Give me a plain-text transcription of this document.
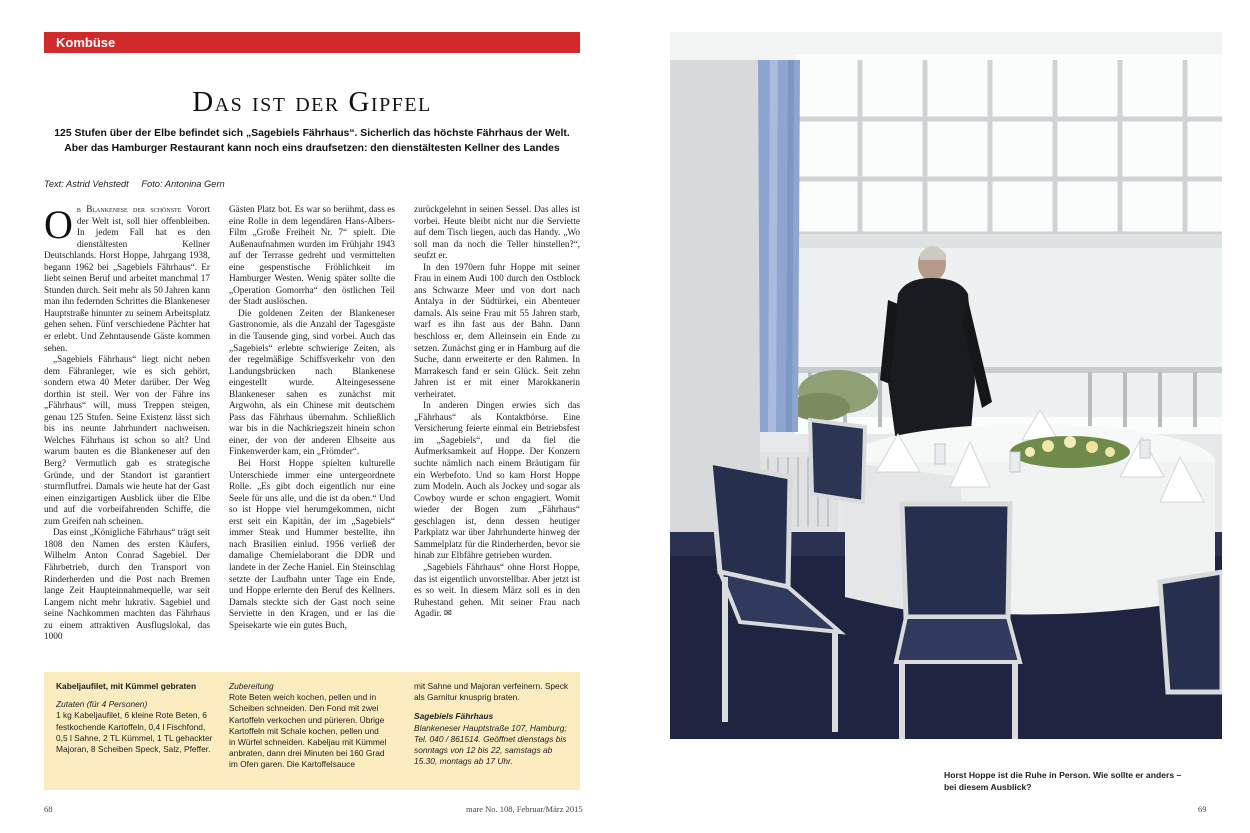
Kombüse
Das ist der Gipfel
125 Stufen über der Elbe befindet sich „Sagebiels Fährhaus“. Sicherlich das höchste Fährhaus der Welt.
Aber das Hamburger Restaurant kann noch eins draufsetzen: den dienstältesten Kellner des Landes
Text: Astrid Vehstedt Foto: Antonina Gern

Ob Blankenese der schönste Vorort der Welt ist, soll hier offenbleiben. In jedem Fall hat es den dienstältesten Kellner Deutschlands. Horst Hoppe, Jahrgang 1938, begann 1962 bei „Sagebiels Fährhaus“. Er liebt seinen Beruf und arbeitet manchmal 17 Stunden durch. Seit mehr als 50 Jahren kann man ihn federnden Schrittes die Blankeneser Hauptstraße hinunter zu seinem Arbeitsplatz gehen sehen. Fünf verschiedene Pächter hat er erlebt. Und Zehntausende Gäste kommen sehen.

„Sagebiels Fährhaus“ liegt nicht neben dem Fähranleger, wie es sich gehört, sondern etwa 40 Meter darüber. Der Weg dorthin ist steil. Wer von der Fähre ins „Fährhaus“ will, muss Treppen steigen, genau 125 Stufen. Seine Existenz lässt sich bis ins neunte Jahrhundert nachweisen. Welches Fährhaus ist schon so alt? Und warum bauten es die Blankeneser auf den Berg? Vermutlich gab es strategische Gründe, und der Standort ist garantiert sturmflutfrei. Damals wie heute hat der Gast einen einzigartigen Ausblick über die Elbe und auf die vorbeifahrenden Schiffe, die zum Greifen nah scheinen.

Das einst „Königliche Fährhaus“ trägt seit 1808 den Namen des ersten Käufers, Wilhelm Anton Conrad Sagebiel. Der Fährbetrieb, durch den Transport von Rinderherden und die Post nach Bremen lange Zeit Haupteinnahmequelle, war seit Langem nicht mehr lukrativ. Sagebiel und seine Nachkommen machten das Fährhaus zu einem attraktiven Ausflugslokal, das 1000

Gästen Platz bot. Es war so berühmt, dass es eine Rolle in dem legendären Hans-Albers-Film „Große Freiheit Nr. 7“ spielt. Die Außenaufnahmen wurden im Frühjahr 1943 auf der Terrasse gedreht und vermittelten eine gespenstische Fröhlichkeit im Hamburger Westen. Wenig später sollte die „Operation Gomorrha“ den östlichen Teil der Stadt auslöschen.

Die goldenen Zeiten der Blankeneser Gastronomie, als die Anzahl der Tagesgäste in die Tausende ging, sind vorbei. Auch das „Sagebiels“ erlebte schwierige Zeiten, als der regelmäßige Schiffsverkehr von den Landungsbrücken nach Blankenese eingestellt wurde. Alteingesessene Blankeneser sahen es zunächst mit Argwohn, als ein Chinese mit deutschem Pass das Fährhaus übernahm. Schließlich war bis in die Nachkriegszeit hinein schon einer, der von der anderen Elbseite aus Finkenwerder kam, ein „Frömder“.

Bei Horst Hoppe spielten kulturelle Unterschiede immer eine untergeordnete Rolle. „Es gibt doch eigentlich nur eine Seele für uns alle, und die ist da oben.“ Und so ist Hoppe viel herumgekommen, nicht erst seit ein Kapitän, der im „Sagebiels“ immer Steak und Hummer bestellte, ihn nach Brasilien einlud. 1956 verließ der damalige Chemielaborant die DDR und landete in der Zeche Haniel. Ein Steinschlag setzte der Laufbahn unter Tage ein Ende, und Hoppe erlernte den Beruf des Kellners. Damals steckte sich der Gast noch seine Serviette in den Kragen, und er las die Speisekarte wie ein gutes Buch,

zurückgelehnt in seinen Sessel. Das alles ist vorbei. Heute bleibt nicht nur die Serviette auf dem Tisch liegen, auch das Handy. „Wo soll man da noch die Teller hinstellen?“, seufzt er.

In den 1970ern fuhr Hoppe mit seiner Frau in einem Audi 100 durch den Ostblock ans Schwarze Meer und von dort nach Antalya in der Südtürkei, ein Abenteuer damals. Als seine Frau mit 55 Jahren starb, warf es ihn fast aus der Bahn. Dann beschloss er, dem Alleinsein ein Ende zu setzen. Zunächst ging er in Hamburg auf die Suche, dann erweiterte er den Rahmen. In Marrakesch fand er sein Glück. Seit zehn Jahren ist er mit einer Marokkanerin verheiratet.

In anderen Dingen erwies sich das „Fährhaus“ als Kontaktbörse. Eine Versicherung feierte einmal ein Betriebsfest im „Sagebiels“, und da fiel die Aufmerksamkeit auf Hoppe. Der Konzern suchte nämlich nach einem Bräutigam für ein Werbefoto. Und so kam Horst Hoppe zum Modeln. Auch als Jockey und sogar als Cowboy wurde er schon engagiert. Womit wieder der Bogen zum „Fährhaus“ geschlagen ist, denn dessen heutiger Parkplatz war über Jahrhunderte hinweg der Sammelplatz für die Rinderherden, bevor sie hinab zur Elbfähre getrieben wurden.

„Sagebiels Fährhaus“ ohne Horst Hoppe, das ist eigentlich unvorstellbar. Aber jetzt ist es so weit. In diesem März soll es in den Ruhestand gehen. Mit seiner Frau nach Agadir. ✉

Kabeljaufilet, mit Kümmel gebraten

Zutaten (für 4 Personen)

1 kg Kabeljaufilet, 6 kleine Rote Beten, 6 festkochende Kartoffeln, 0,4 l Fischfond, 0,5 l Sahne, 2 TL Kümmel, 1 TL gehackter Majoran, 8 Scheiben Speck, Salz, Pfeffer.

Zubereitung

Rote Beten weich kochen, pellen und in Scheiben schneiden. Den Fond mit zwei Kartoffeln verkochen und pürieren. Übrige Kartoffeln mit Schale kochen, pellen und in Würfel schneiden. Kabeljau mit Kümmel anbraten, dann drei Minuten bei 160 Grad im Ofen garen. Die Kartoffelsauce

mit Sahne und Majoran verfeinern. Speck als Garnitur knusprig braten.

Sagebiels Fährhaus

Blankeneser Hauptstraße 107, Hamburg; Tel. 040 / 861514. Geöffnet dienstags bis sonntags von 12 bis 22, samstags ab 15.30, montags ab 17 Uhr.

68	mare No. 108, Februar/März 2015	69
Horst Hoppe ist die Ruhe in Person. Wie sollte er anders – bei diesem Ausblick?
